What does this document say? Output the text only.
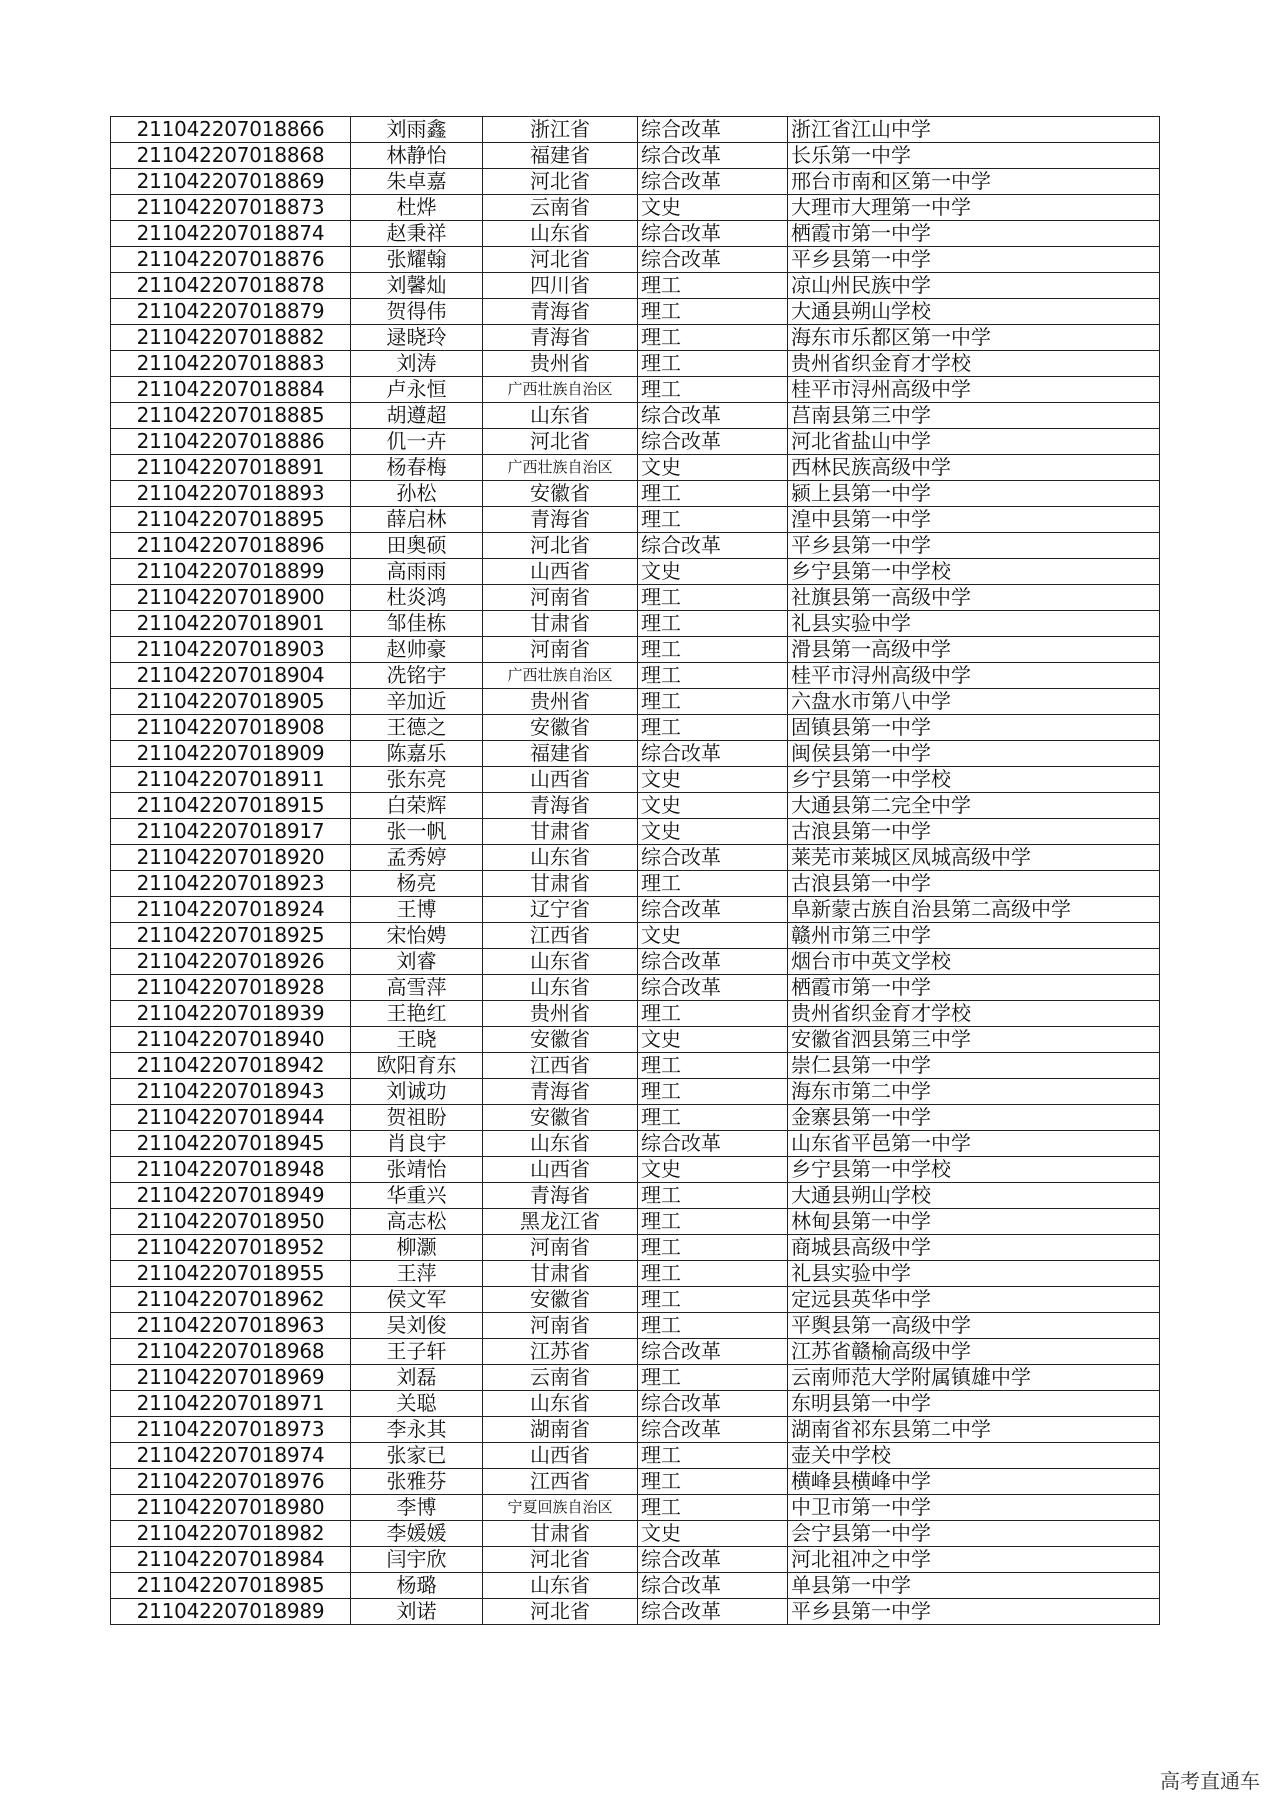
211042207018866	刘雨鑫	浙江省	综合改革	浙江省江山中学
211042207018868	林静怡	福建省	综合改革	长乐第一中学
211042207018869	朱卓嘉	河北省	综合改革	邢台市南和区第一中学
211042207018873	杜烨	云南省	文史	大理市大理第一中学
211042207018874	赵秉祥	山东省	综合改革	栖霞市第一中学
211042207018876	张耀翰	河北省	综合改革	平乡县第一中学
211042207018878	刘馨灿	四川省	理工	凉山州民族中学
211042207018879	贺得伟	青海省	理工	大通县朔山学校
211042207018882	逯晓玲	青海省	理工	海东市乐都区第一中学
211042207018883	刘涛	贵州省	理工	贵州省织金育才学校
211042207018884	卢永恒	广西壮族自治区	理工	桂平市浔州高级中学
211042207018885	胡遵超	山东省	综合改革	莒南县第三中学
211042207018886	仉一卉	河北省	综合改革	河北省盐山中学
211042207018891	杨春梅	广西壮族自治区	文史	西林民族高级中学
211042207018893	孙松	安徽省	理工	颍上县第一中学
211042207018895	薛启林	青海省	理工	湟中县第一中学
211042207018896	田奥硕	河北省	综合改革	平乡县第一中学
211042207018899	高雨雨	山西省	文史	乡宁县第一中学校
211042207018900	杜炎鸿	河南省	理工	社旗县第一高级中学
211042207018901	邹佳栋	甘肃省	理工	礼县实验中学
211042207018903	赵帅豪	河南省	理工	滑县第一高级中学
211042207018904	冼铭宇	广西壮族自治区	理工	桂平市浔州高级中学
211042207018905	辛加近	贵州省	理工	六盘水市第八中学
211042207018908	王德之	安徽省	理工	固镇县第一中学
211042207018909	陈嘉乐	福建省	综合改革	闽侯县第一中学
211042207018911	张东亮	山西省	文史	乡宁县第一中学校
211042207018915	白荣辉	青海省	文史	大通县第二完全中学
211042207018917	张一帆	甘肃省	文史	古浪县第一中学
211042207018920	孟秀婷	山东省	综合改革	莱芜市莱城区凤城高级中学
211042207018923	杨亮	甘肃省	理工	古浪县第一中学
211042207018924	王博	辽宁省	综合改革	阜新蒙古族自治县第二高级中学
211042207018925	宋怡娉	江西省	文史	赣州市第三中学
211042207018926	刘睿	山东省	综合改革	烟台市中英文学校
211042207018928	高雪萍	山东省	综合改革	栖霞市第一中学
211042207018939	王艳红	贵州省	理工	贵州省织金育才学校
211042207018940	王晓	安徽省	文史	安徽省泗县第三中学
211042207018942	欧阳育东	江西省	理工	崇仁县第一中学
211042207018943	刘诚功	青海省	理工	海东市第二中学
211042207018944	贺祖盼	安徽省	理工	金寨县第一中学
211042207018945	肖良宇	山东省	综合改革	山东省平邑第一中学
211042207018948	张靖怡	山西省	文史	乡宁县第一中学校
211042207018949	华重兴	青海省	理工	大通县朔山学校
211042207018950	高志松	黑龙江省	理工	林甸县第一中学
211042207018952	柳灏	河南省	理工	商城县高级中学
211042207018955	王萍	甘肃省	理工	礼县实验中学
211042207018962	侯文军	安徽省	理工	定远县英华中学
211042207018963	吴刘俊	河南省	理工	平舆县第一高级中学
211042207018968	王子轩	江苏省	综合改革	江苏省赣榆高级中学
211042207018969	刘磊	云南省	理工	云南师范大学附属镇雄中学
211042207018971	关聪	山东省	综合改革	东明县第一中学
211042207018973	李永其	湖南省	综合改革	湖南省祁东县第二中学
211042207018974	张家已	山西省	理工	壶关中学校
211042207018976	张雅芬	江西省	理工	横峰县横峰中学
211042207018980	李博	宁夏回族自治区	理工	中卫市第一中学
211042207018982	李媛媛	甘肃省	文史	会宁县第一中学
211042207018984	闫宇欣	河北省	综合改革	河北祖冲之中学
211042207018985	杨璐	山东省	综合改革	单县第一中学
211042207018989	刘诺	河北省	综合改革	平乡县第一中学
高考直通车
